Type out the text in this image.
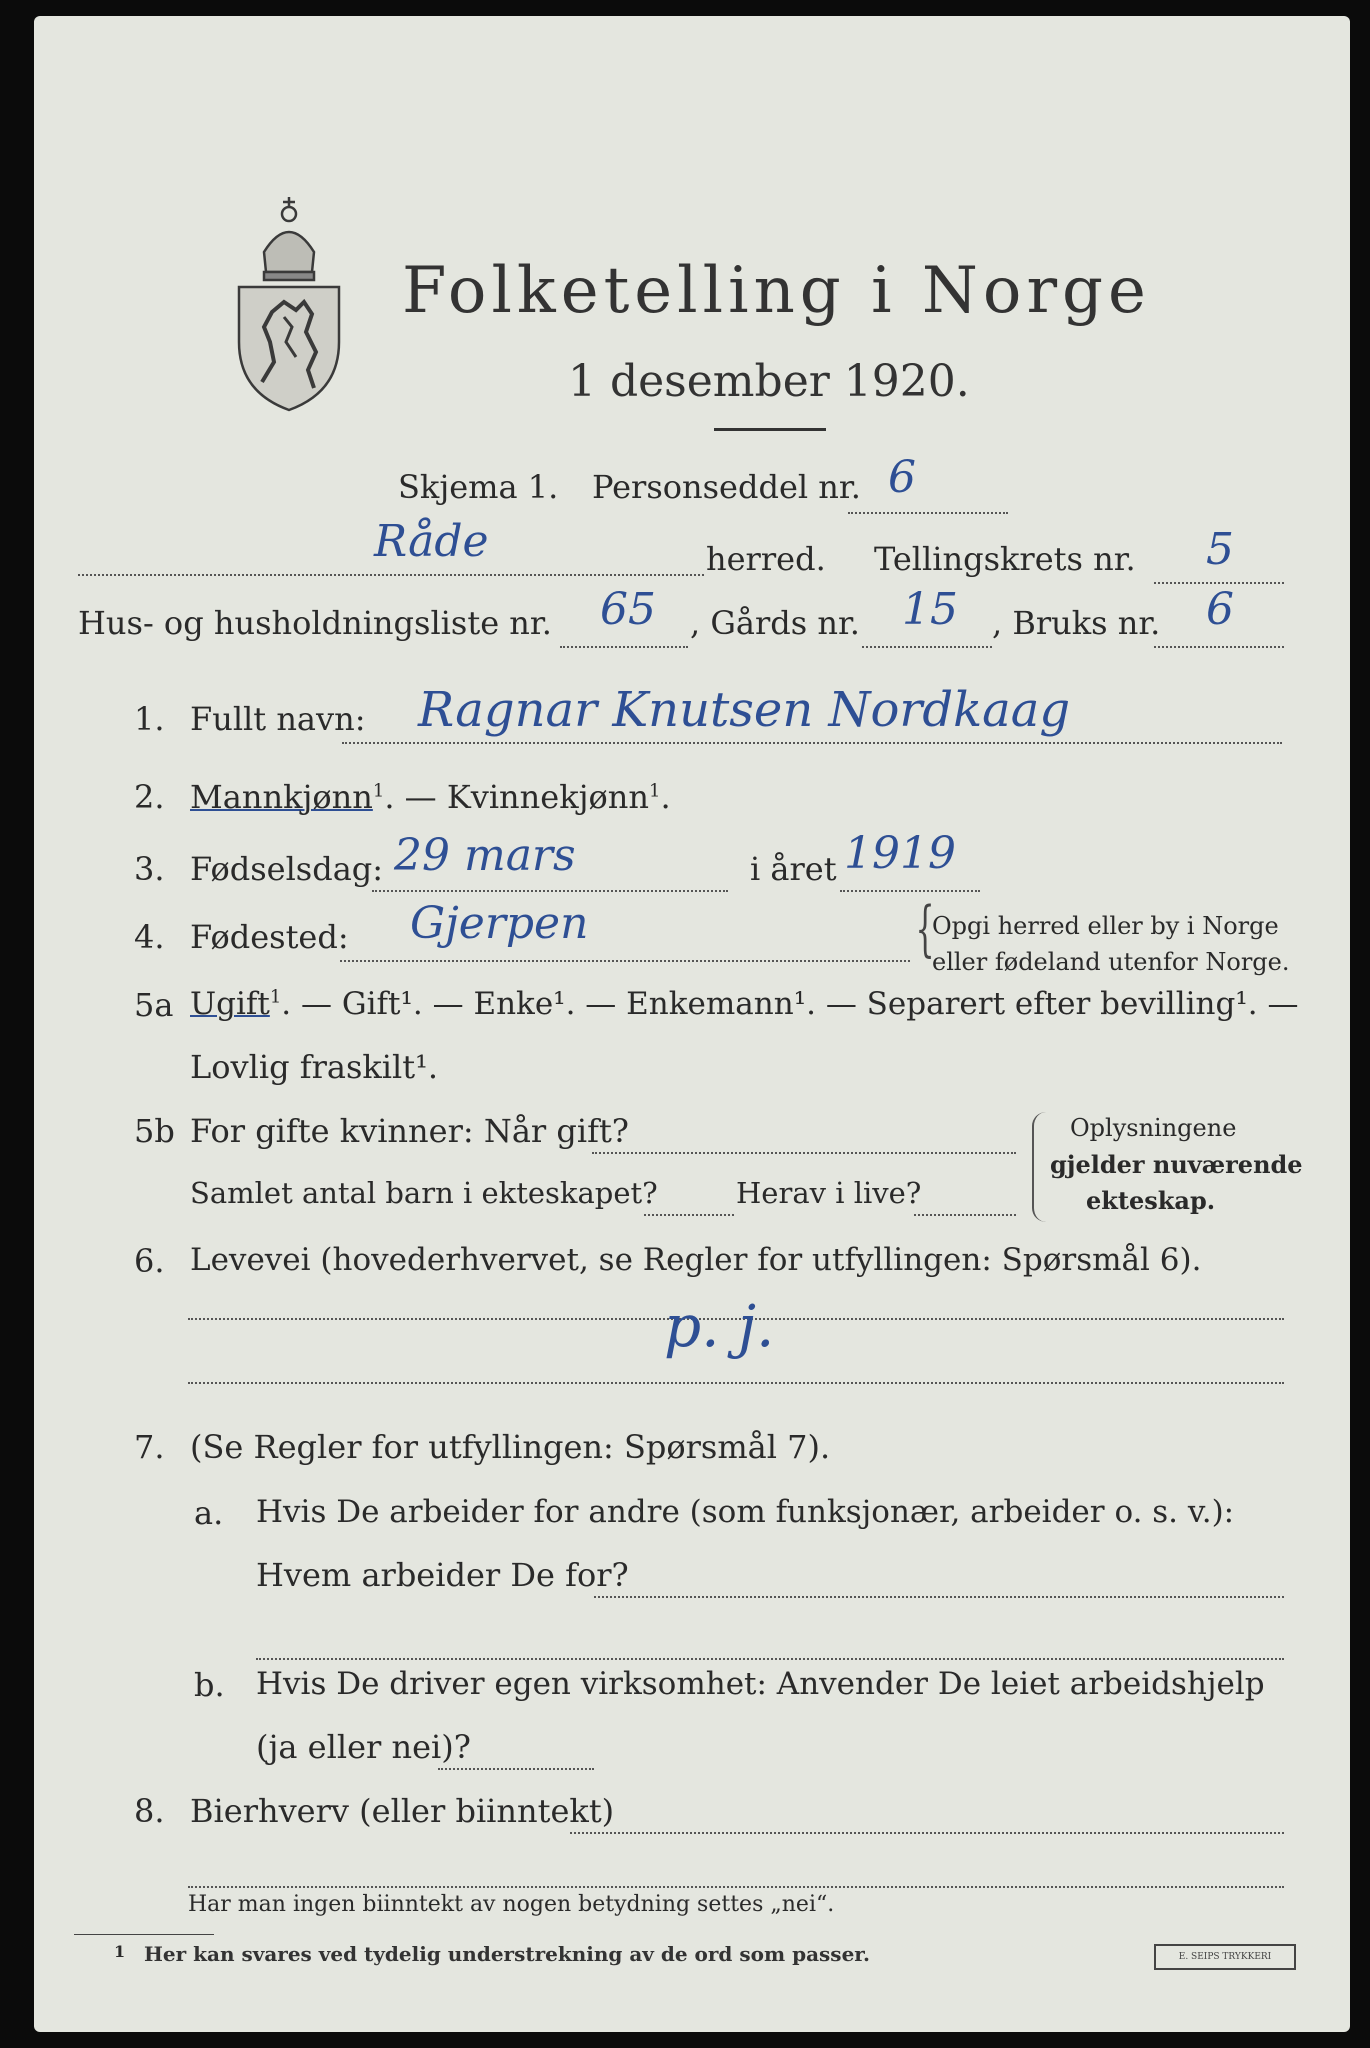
Folketelling i Norge
1 desember 1920.
Skjema 1. Personseddel nr. 6
Råde	herred. Tellingskrets nr. 5
Hus- og husholdningsliste nr. 65 , Gårds nr. 15 , Bruks nr. 6
1. Fullt navn: Ragnar Knutsen Nordkaag
2. Mannkjønn$^1$. — Kvinnekjønn$^1$.
3. Fødselsdag: 29 mars	i året 1919
4. Fødested: Gjerpen	{
Opgi herred eller by i Norge
eller fødeland utenfor Norge.
5a Ugift$^1$. — Gift¹. — Enke¹. — Enkemann¹. — Separert efter bevilling¹. —
Lovlig fraskilt¹.
5b For gifte kvinner: Når gift?
Samlet antal barn i ekteskapet?	Herav i live?
Oplysningene
gjelder nuværende
ekteskap.
6. Levevei (hovederhvervet, se Regler for utfyllingen: Spørsmål 6).
p. j.
7. (Se Regler for utfyllingen: Spørsmål 7).
a. Hvis De arbeider for andre (som funksjonær, arbeider o. s. v.):
Hvem arbeider De for?
b. Hvis De driver egen virksomhet: Anvender De leiet arbeidshjelp
(ja eller nei)?
8. Bierhverv (eller biinntekt)
Har man ingen biinntekt av nogen betydning settes „nei“.
1 Her kan svares ved tydelig understrekning av de ord som passer.	E. SEIPS TRYKKERI
